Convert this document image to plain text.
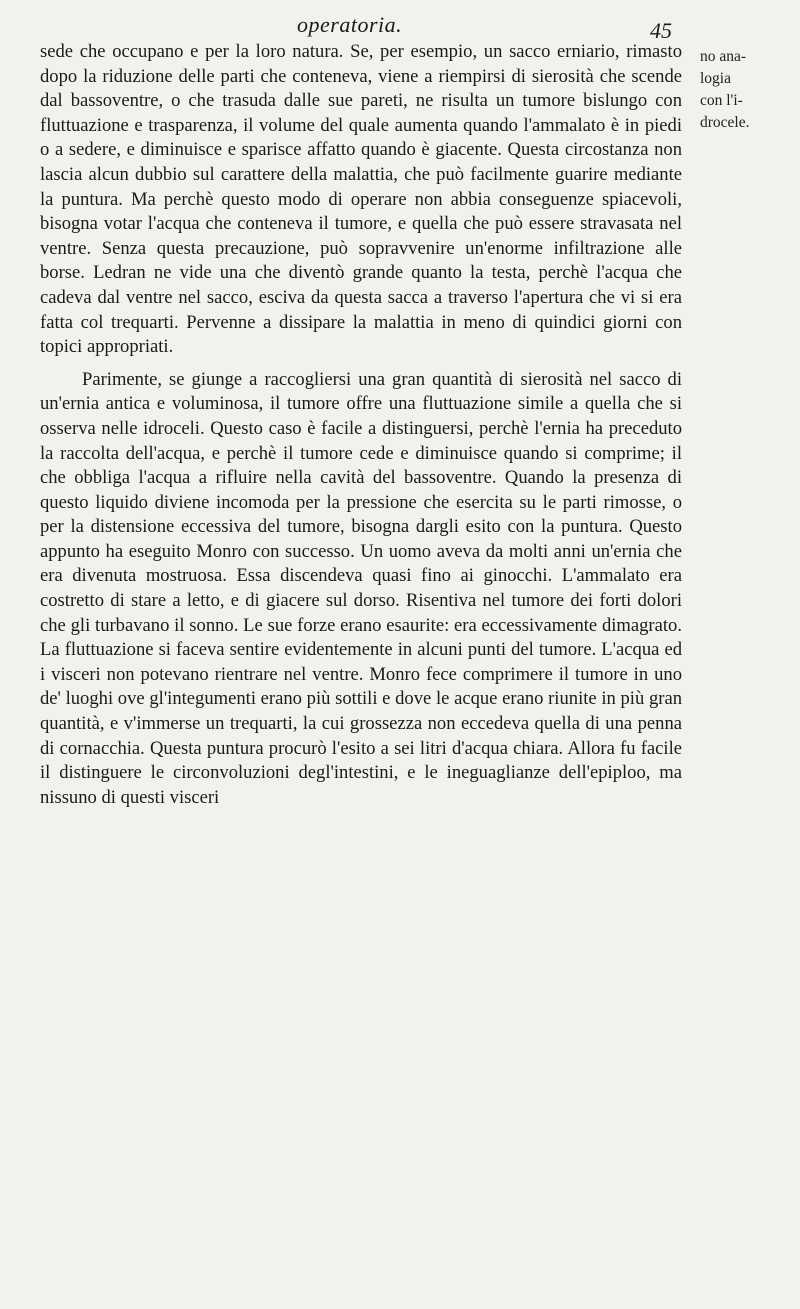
operatoria.	45

sede che occupano e per la loro natura. Se, per esempio, un sacco erniario, rimasto dopo la riduzione delle parti che conteneva, viene a riempirsi di sierosità che scende dal bassoventre, o che trasuda dalle sue pareti, ne risulta un tumore bislungo con fluttuazione e trasparenza, il volume del quale aumenta quando l'ammalato è in piedi o a sedere, e diminuisce e sparisce affatto quando è giacente. Questa circostanza non lascia alcun dubbio sul carattere della malattia, che può facilmente guarire mediante la puntura. Ma perchè questo modo di operare non abbia conseguenze spiacevoli, bisogna votar l'acqua che conteneva il tumore, e quella che può essere stravasata nel ventre. Senza questa precauzione, può sopravvenire un'enorme infiltrazione alle borse. Ledran ne vide una che diventò grande quanto la testa, perchè l'acqua che cadeva dal ventre nel sacco, esciva da questa sacca a traverso l'apertura che vi si era fatta col trequarti. Pervenne a dissipare la malattia in meno di quindici giorni con topici appropriati.

Parimente, se giunge a raccogliersi una gran quantità di sierosità nel sacco di un'ernia antica e voluminosa, il tumore offre una fluttuazione simile a quella che si osserva nelle idroceli. Questo caso è facile a distinguersi, perchè l'ernia ha preceduto la raccolta dell'acqua, e perchè il tumore cede e diminuisce quando si comprime; il che obbliga l'acqua a rifluire nella cavità del bassoventre. Quando la presenza di questo liquido diviene incomoda per la pressione che esercita su le parti rimosse, o per la distensione eccessiva del tumore, bisogna dargli esito con la puntura. Questo appunto ha eseguito Monro con successo. Un uomo aveva da molti anni un'ernia che era divenuta mostruosa. Essa discendeva quasi fino ai ginocchi. L'ammalato era costretto di stare a letto, e di giacere sul dorso. Risentiva nel tumore dei forti dolori che gli turbavano il sonno. Le sue forze erano esaurite: era eccessivamente dimagrato. La fluttuazione si faceva sentire evidentemente in alcuni punti del tumore. L'acqua ed i visceri non potevano rientrare nel ventre. Monro fece comprimere il tumore in uno de' luoghi ove gl'integumenti erano più sottili e dove le acque erano riunite in più gran quantità, e v'immerse un trequarti, la cui grossezza non eccedeva quella di una penna di cornacchia. Questa puntura procurò l'esito a sei litri d'acqua chiara. Allora fu facile il distinguere le circonvoluzioni degl'intestini, e le ineguaglianze dell'epiploo, ma nissuno di questi visceri

no ana-
logia
con l'i-
drocele.
